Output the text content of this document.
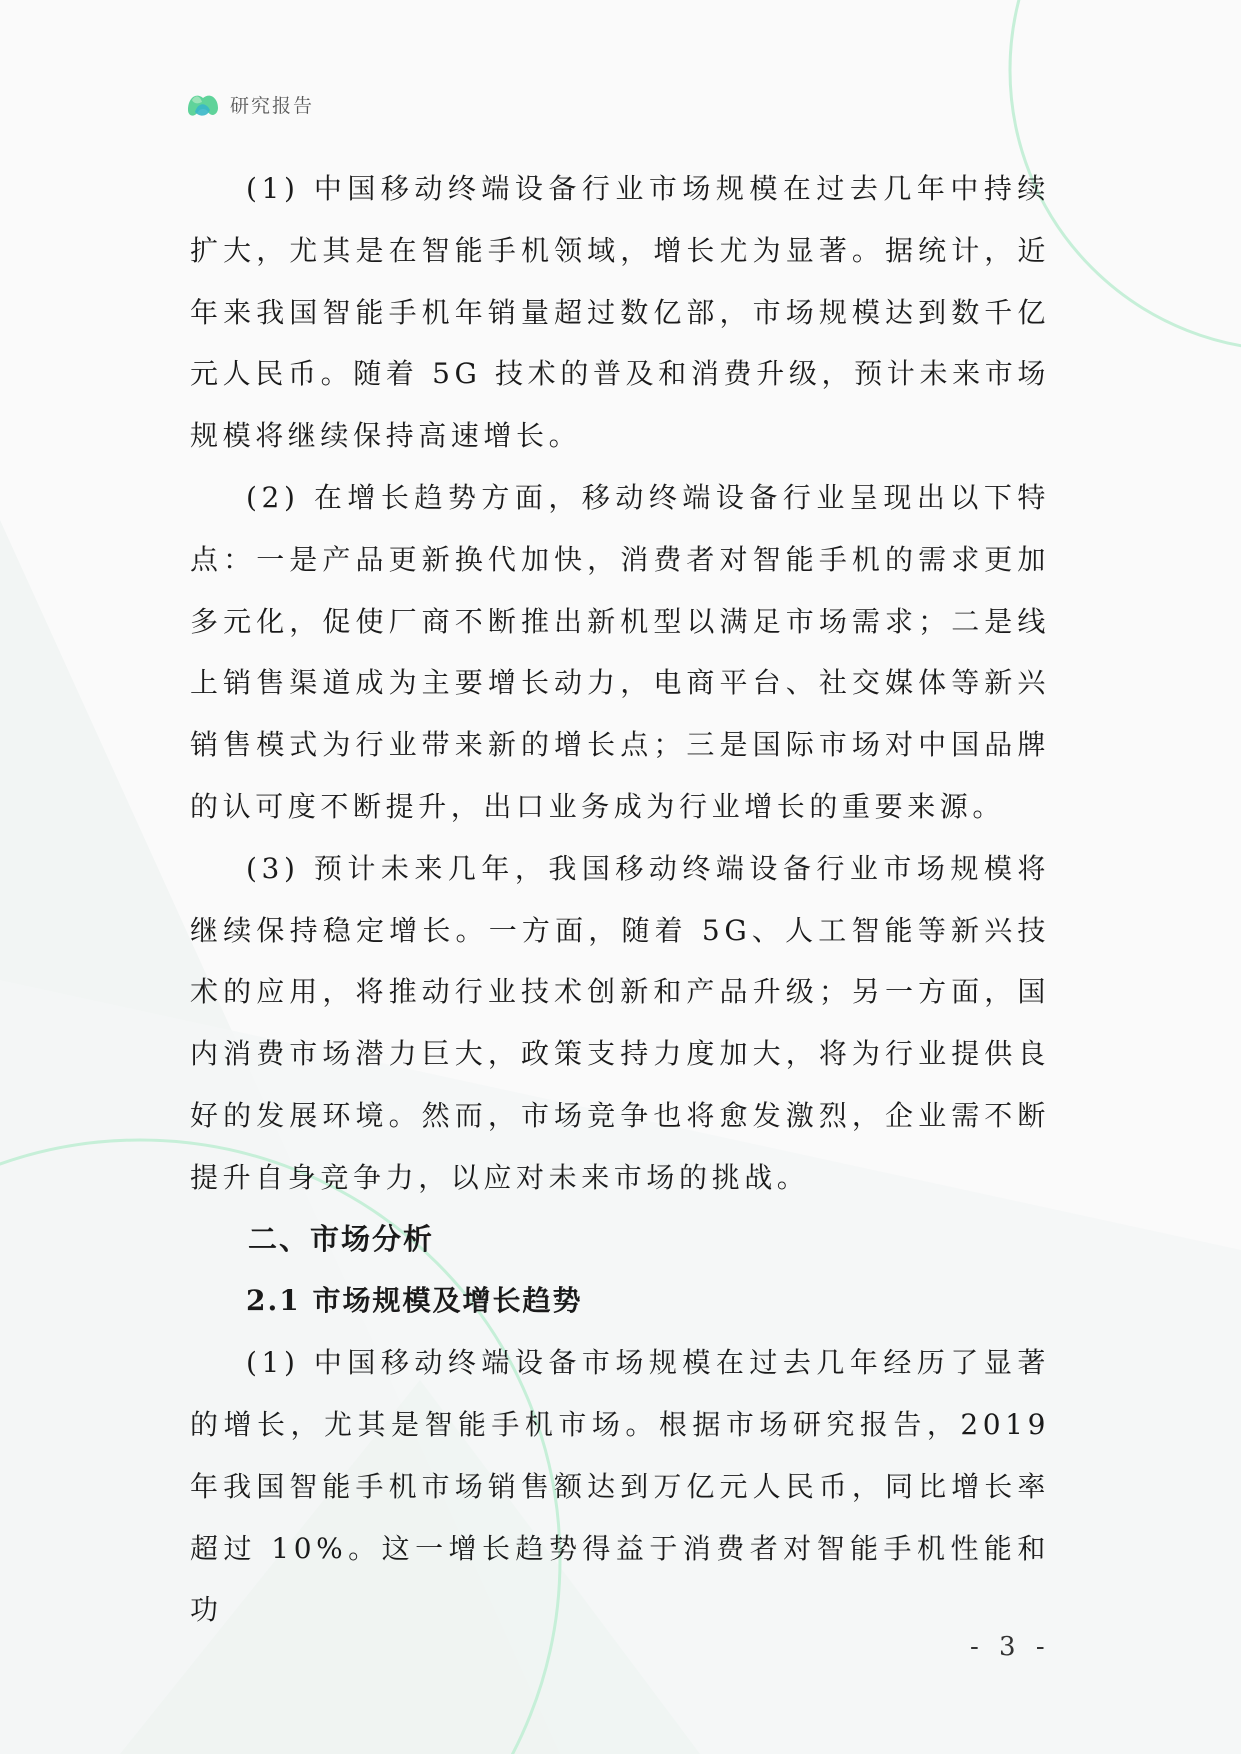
研究报告

(1) 中国移动终端设备行业市场规模在过去几年中持续扩大，尤其是在智能手机领域，增长尤为显著。据统计，近年来我国智能手机年销量超过数亿部，市场规模达到数千亿元人民币。随着 5G 技术的普及和消费升级，预计未来市场规模将继续保持高速增长。

(2) 在增长趋势方面，移动终端设备行业呈现出以下特点：一是产品更新换代加快，消费者对智能手机的需求更加多元化，促使厂商不断推出新机型以满足市场需求；二是线上销售渠道成为主要增长动力，电商平台、社交媒体等新兴销售模式为行业带来新的增长点；三是国际市场对中国品牌的认可度不断提升，出口业务成为行业增长的重要来源。

(3) 预计未来几年，我国移动终端设备行业市场规模将继续保持稳定增长。一方面，随着 5G、人工智能等新兴技术的应用，将推动行业技术创新和产品升级；另一方面，国内消费市场潜力巨大，政策支持力度加大，将为行业提供良好的发展环境。然而，市场竞争也将愈发激烈，企业需不断提升自身竞争力，以应对未来市场的挑战。

二、市场分析
2.1 市场规模及增长趋势

(1) 中国移动终端设备市场规模在过去几年经历了显著的增长，尤其是智能手机市场。根据市场研究报告，2019 年我国智能手机市场销售额达到万亿元人民币，同比增长率超过 10%。这一增长趋势得益于消费者对智能手机性能和功

- 3 -
